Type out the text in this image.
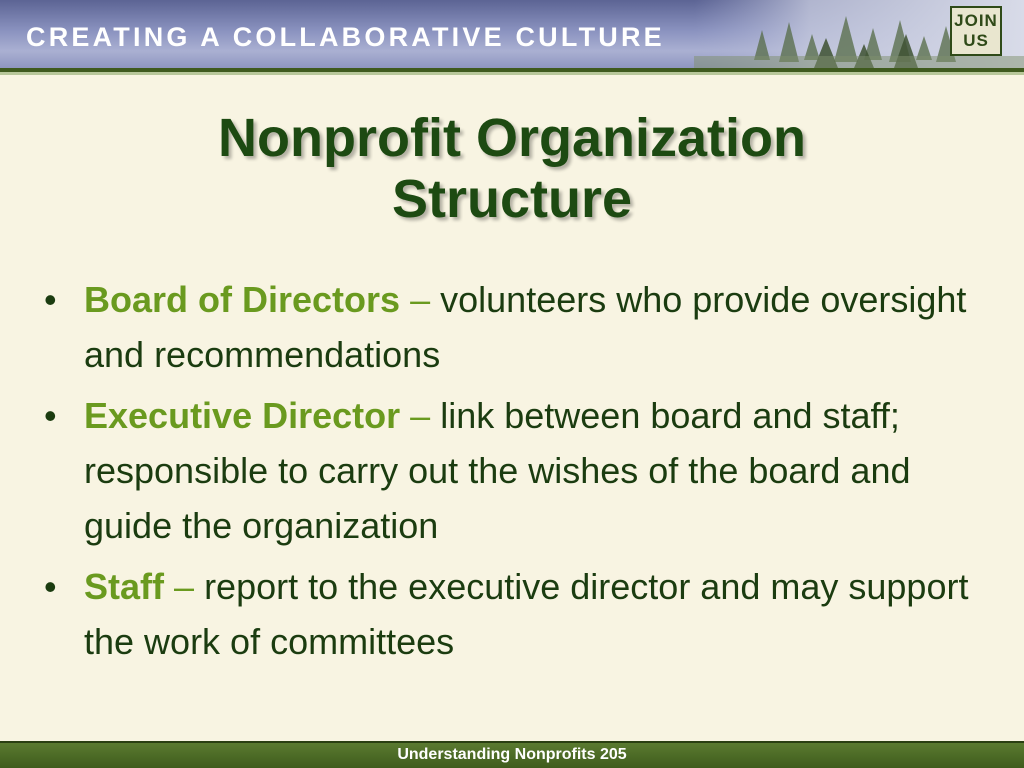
CREATING A COLLABORATIVE CULTURE
JOIN
US
Nonprofit Organization
Structure
• Board of Directors – volunteers who provide oversight and recommendations
• Executive Director – link between board and staff; responsible to carry out the wishes of the board and guide the organization
• Staff – report to the executive director and may support the work of committees
Understanding Nonprofits 205
